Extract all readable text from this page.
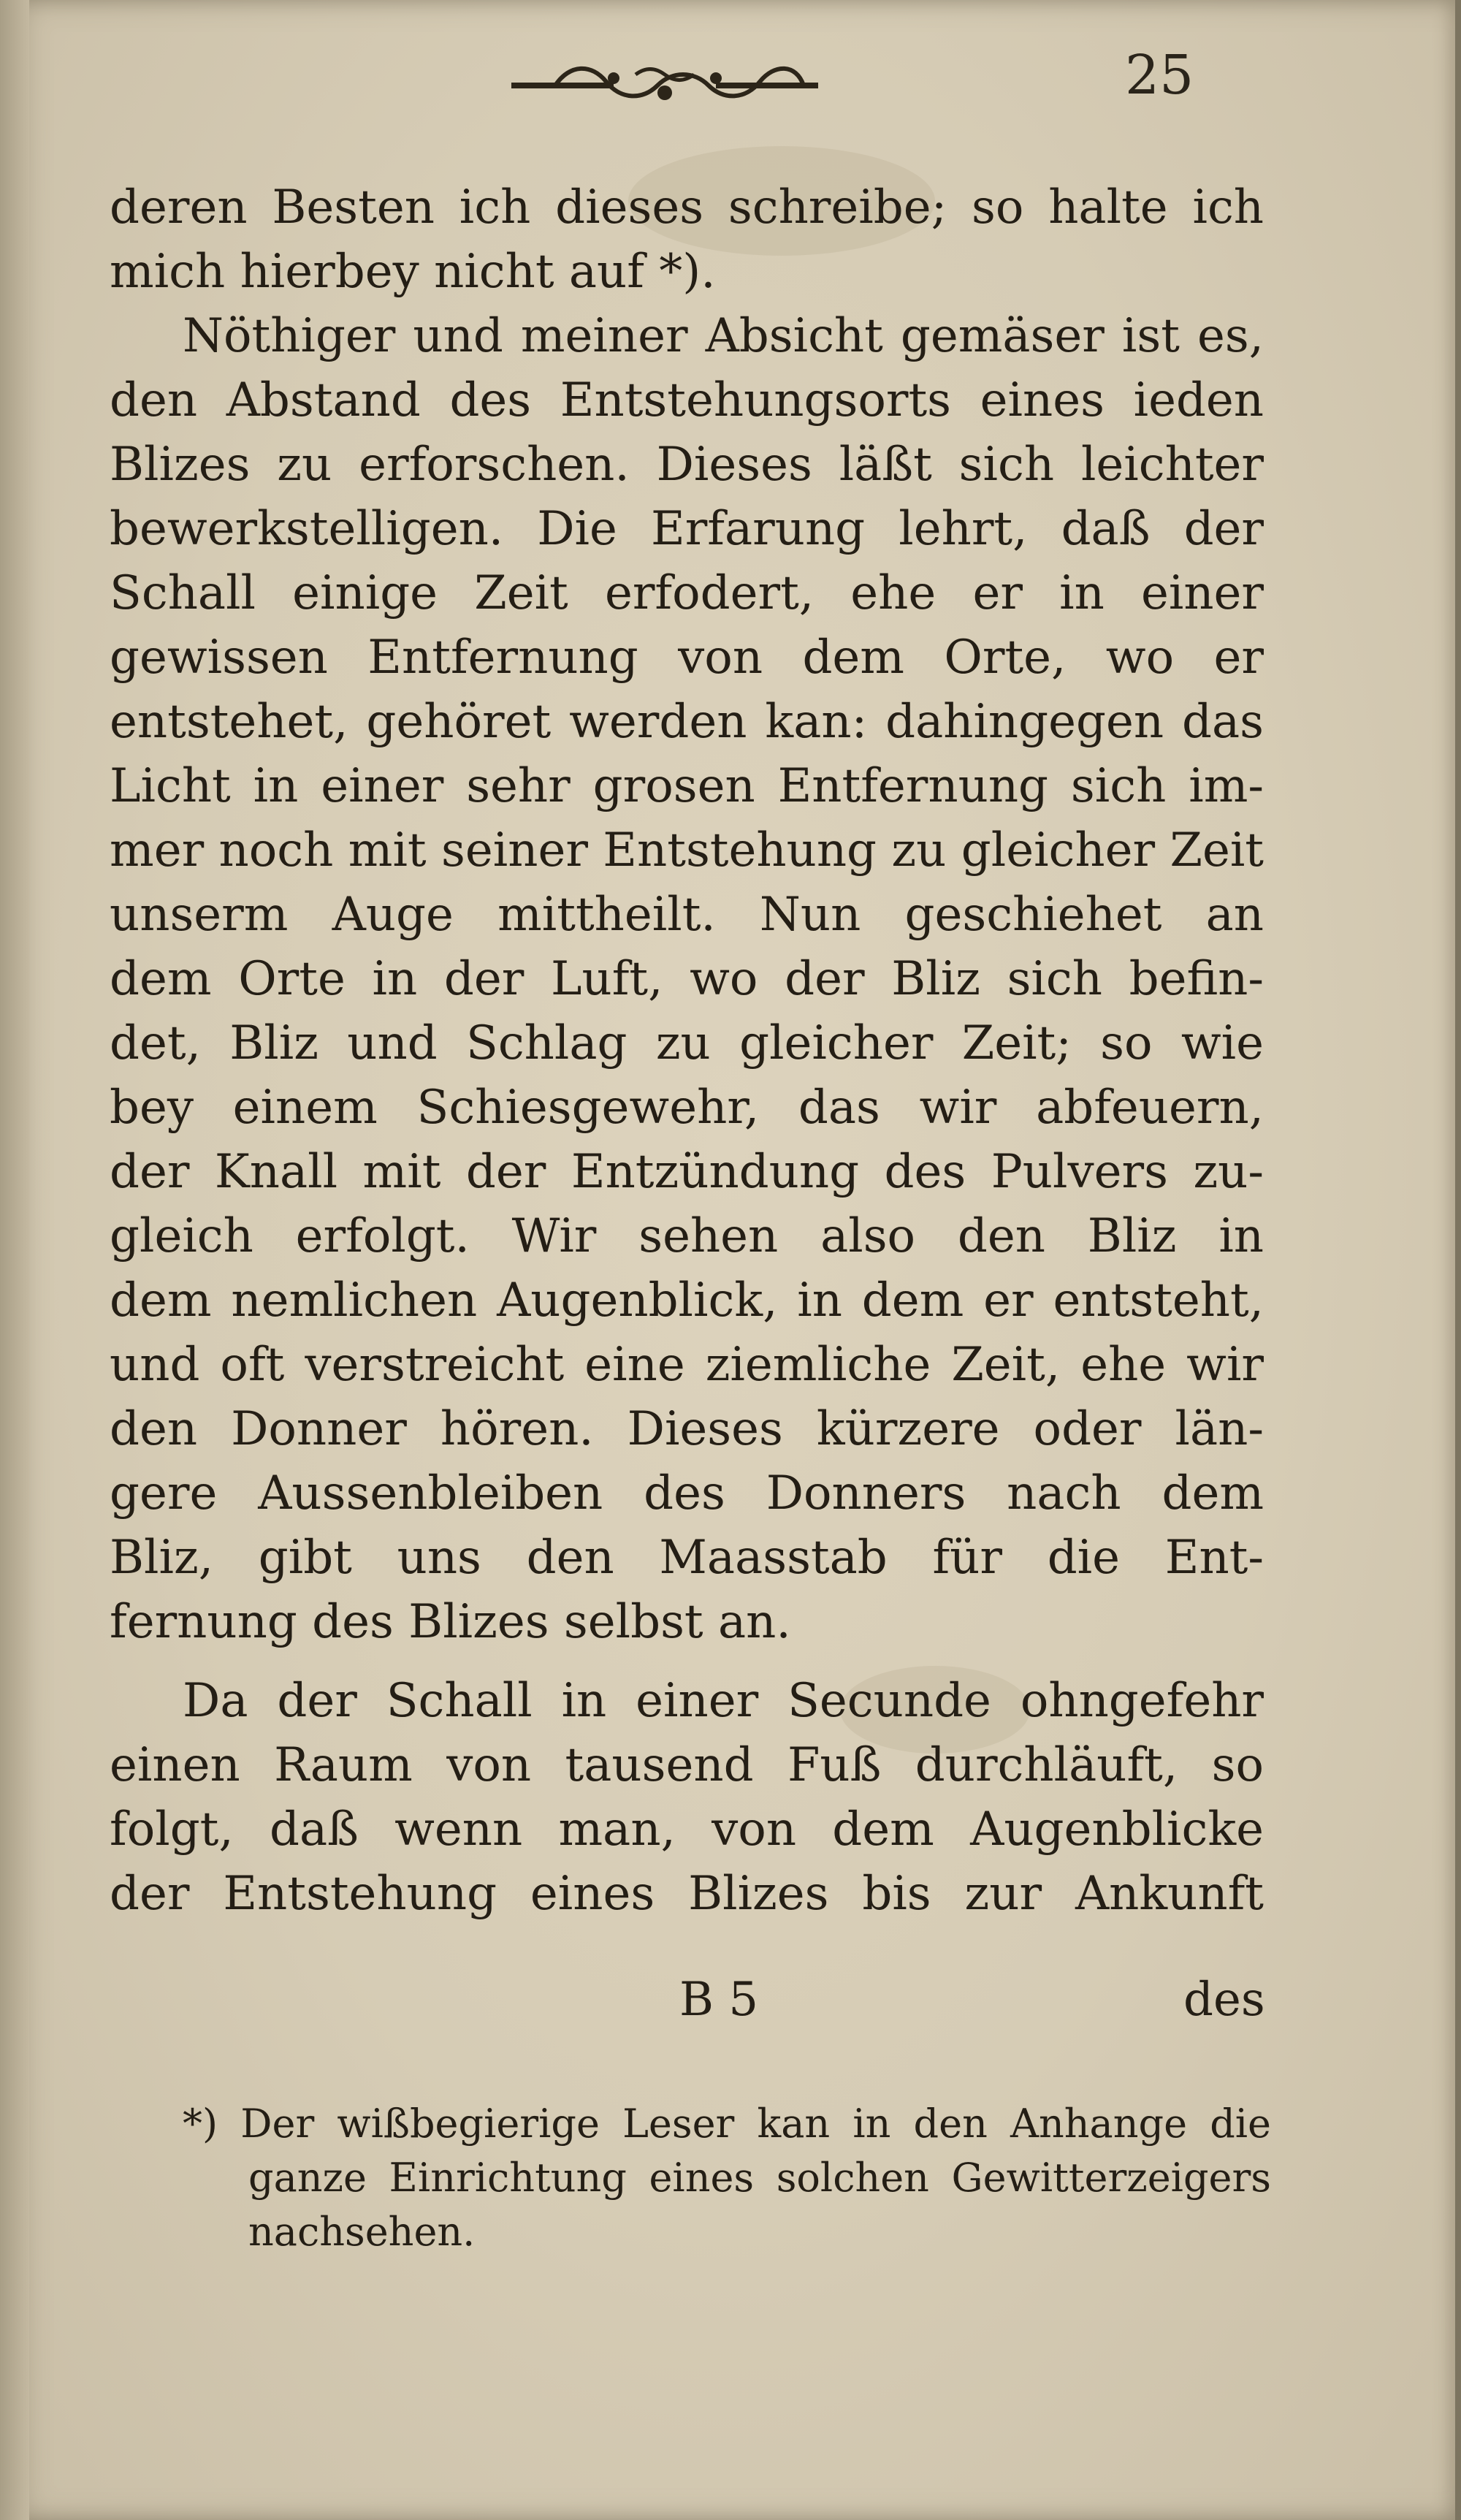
25
deren Besten ich dieses schreibe; so halte ich
mich hierbey nicht auf *).
Nöthiger und meiner Absicht gemäser ist es,
den Abstand des Entstehungsorts eines ieden
Blizes zu erforschen. Dieses läßt sich leichter
bewerkstelligen. Die Erfarung lehrt, daß der
Schall einige Zeit erfodert, ehe er in einer
gewissen Entfernung von dem Orte, wo er
entstehet, gehöret werden kan: dahingegen das
Licht in einer sehr grosen Entfernung sich im-
mer noch mit seiner Entstehung zu gleicher Zeit
unserm Auge mittheilt. Nun geschiehet an
dem Orte in der Luft, wo der Bliz sich befin-
det, Bliz und Schlag zu gleicher Zeit; so wie
bey einem Schiesgewehr, das wir abfeuern,
der Knall mit der Entzündung des Pulvers zu-
gleich erfolgt. Wir sehen also den Bliz in
dem nemlichen Augenblick, in dem er entsteht,
und oft verstreicht eine ziemliche Zeit, ehe wir
den Donner hören. Dieses kürzere oder län-
gere Aussenbleiben des Donners nach dem
Bliz, gibt uns den Maasstab für die Ent-
fernung des Blizes selbst an.
Da der Schall in einer Secunde ohngefehr
einen Raum von tausend Fuß durchläuft, so
folgt, daß wenn man, von dem Augenblicke
der Entstehung eines Blizes bis zur Ankunft
B 5	des
*) Der wißbegierige Leser kan in den Anhange die
ganze Einrichtung eines solchen Gewitterzeigers
nachsehen.
